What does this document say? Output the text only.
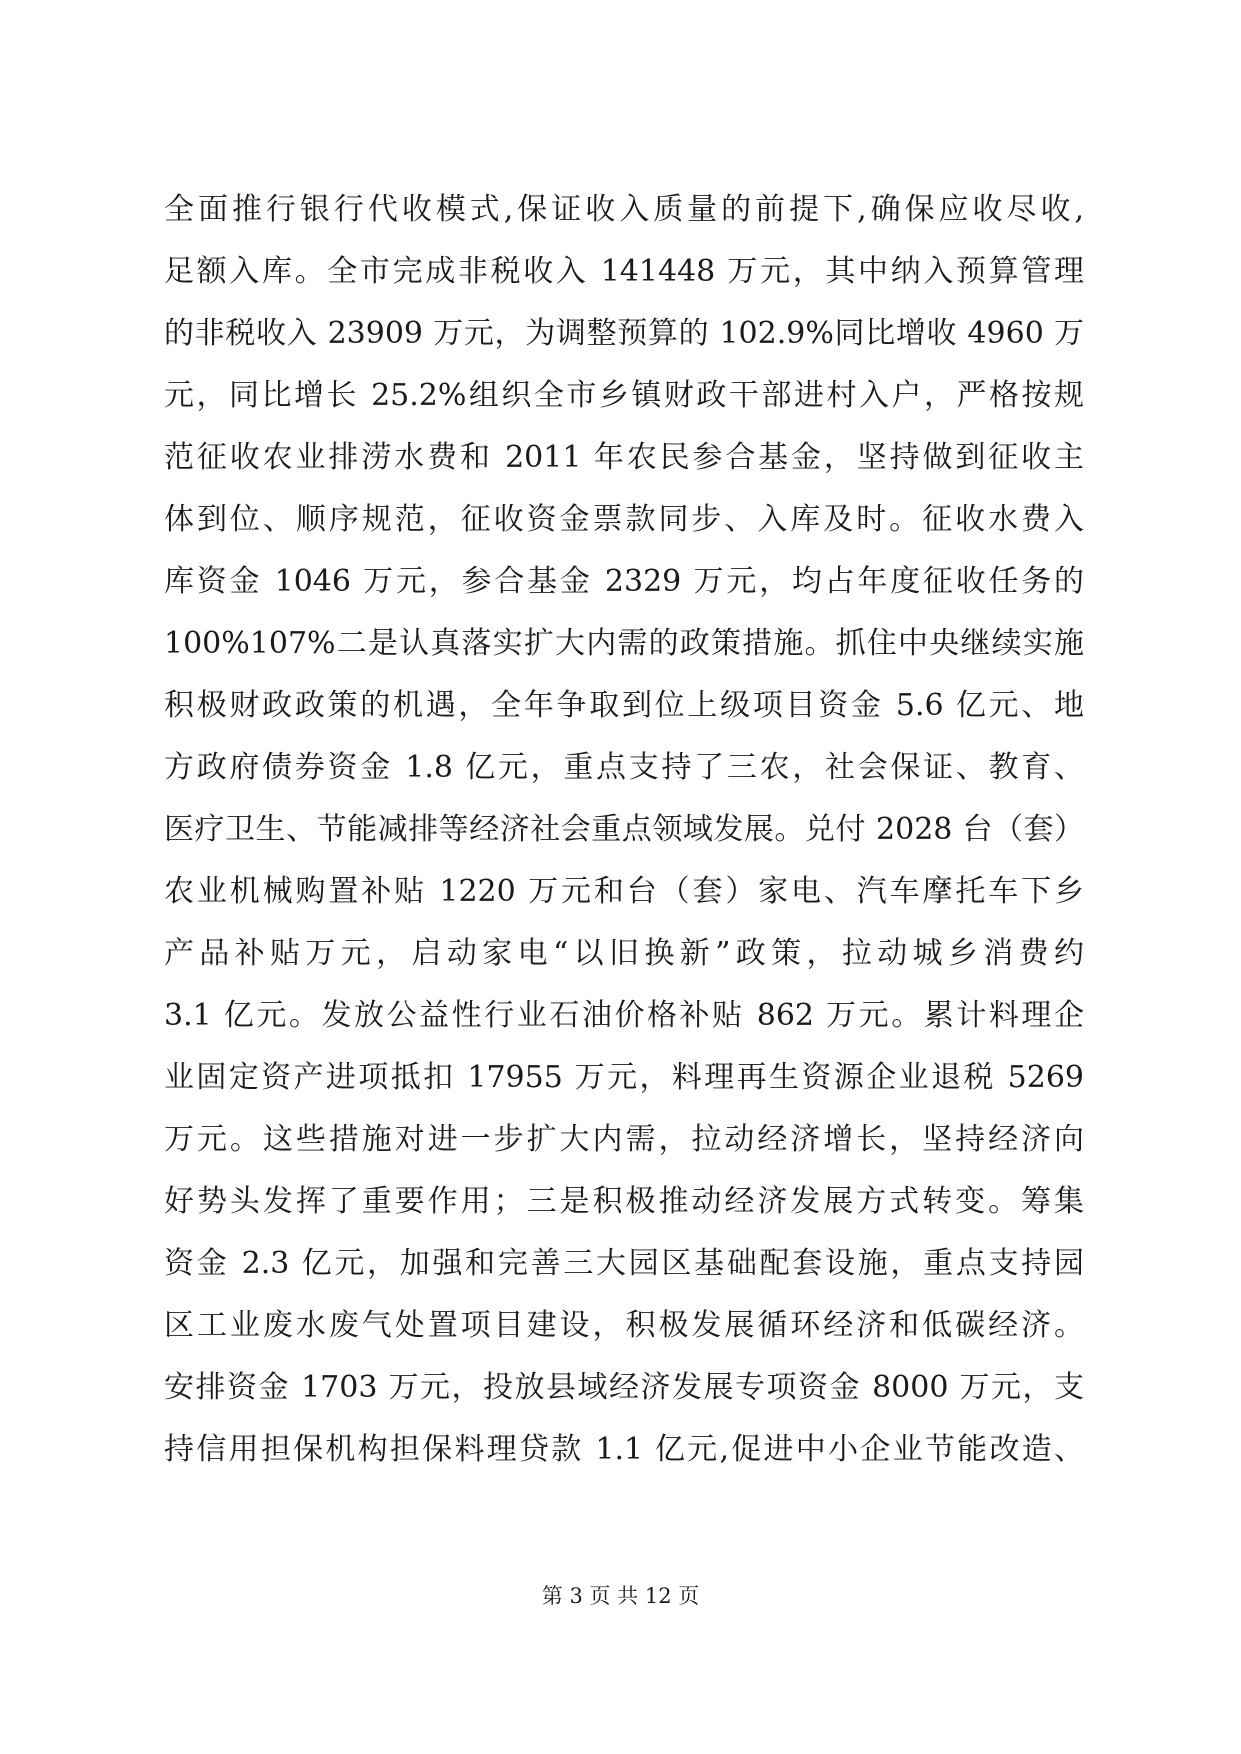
全面推行银行代收模式,保证收入质量的前提下,确保应收尽收,
足额入库。全市完成非税收入 141448 万元，其中纳入预算管理
的非税收入 23909 万元，为调整预算的 102.9%同比增收 4960 万
元，同比增长 25.2%组织全市乡镇财政干部进村入户，严格按规
范征收农业排涝水费和 2011 年农民参合基金，坚持做到征收主
体到位、顺序规范，征收资金票款同步、入库及时。征收水费入
库资金 1046 万元，参合基金 2329 万元，均占年度征收任务的
100%107%二是认真落实扩大内需的政策措施。抓住中央继续实施
积极财政政策的机遇，全年争取到位上级项目资金 5.6 亿元、地
方政府债券资金 1.8 亿元，重点支持了三农，社会保证、教育、
医疗卫生、节能减排等经济社会重点领域发展。兑付 2028 台（套）
农业机械购置补贴 1220 万元和台（套）家电、汽车摩托车下乡
产品补贴万元，启动家电“以旧换新”政策，拉动城乡消费约
3.1 亿元。发放公益性行业石油价格补贴 862 万元。累计料理企
业固定资产进项抵扣 17955 万元，料理再生资源企业退税 5269
万元。这些措施对进一步扩大内需，拉动经济增长，坚持经济向
好势头发挥了重要作用；三是积极推动经济发展方式转变。筹集
资金 2.3 亿元，加强和完善三大园区基础配套设施，重点支持园
区工业废水废气处置项目建设，积极发展循环经济和低碳经济。
安排资金 1703 万元，投放县域经济发展专项资金 8000 万元，支
持信用担保机构担保料理贷款 1.1 亿元,促进中小企业节能改造、
第 3 页 共 12 页
